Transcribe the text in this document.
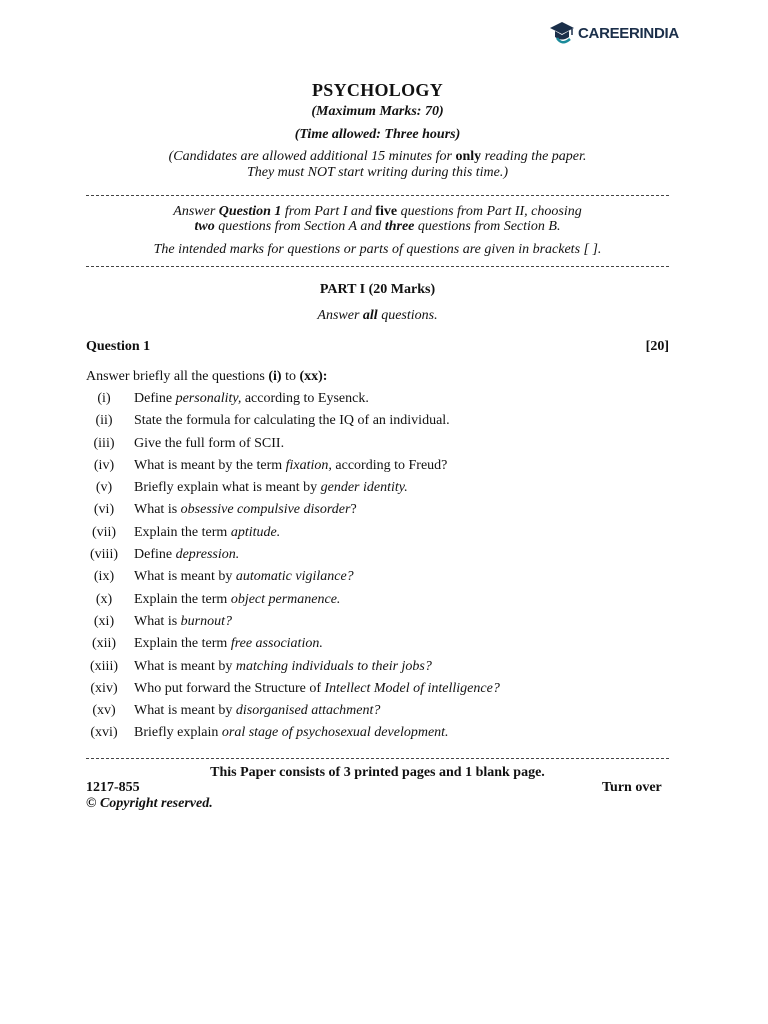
CAREERINDIA
PSYCHOLOGY
(Maximum Marks: 70)
(Time allowed: Three hours)
(Candidates are allowed additional 15 minutes for only reading the paper.
They must NOT start writing during this time.)
Answer Question 1 from Part I and five questions from Part II, choosing
two questions from Section A and three questions from Section B.
The intended marks for questions or parts of questions are given in brackets [ ].
PART I (20 Marks)
Answer all questions.
Question 1	[20]
Answer briefly all the questions (i) to (xx):
(i)	Define personality, according to Eysenck.
(ii)	State the formula for calculating the IQ of an individual.
(iii)	Give the full form of SCII.
(iv)	What is meant by the term fixation, according to Freud?
(v)	Briefly explain what is meant by gender identity.
(vi)	What is obsessive compulsive disorder?
(vii)	Explain the term aptitude.
(viii) Define depression.
(ix)	What is meant by automatic vigilance?
(x)	Explain the term object permanence.
(xi)	What is burnout?
(xii)	Explain the term free association.
(xiii) What is meant by matching individuals to their jobs?
(xiv)	Who put forward the Structure of Intellect Model of intelligence?
(xv)	What is meant by disorganised attachment?
(xvi)	Briefly explain oral stage of psychosexual development.
This Paper consists of 3 printed pages and 1 blank page.
1217-855	Turn over
© Copyright reserved.
